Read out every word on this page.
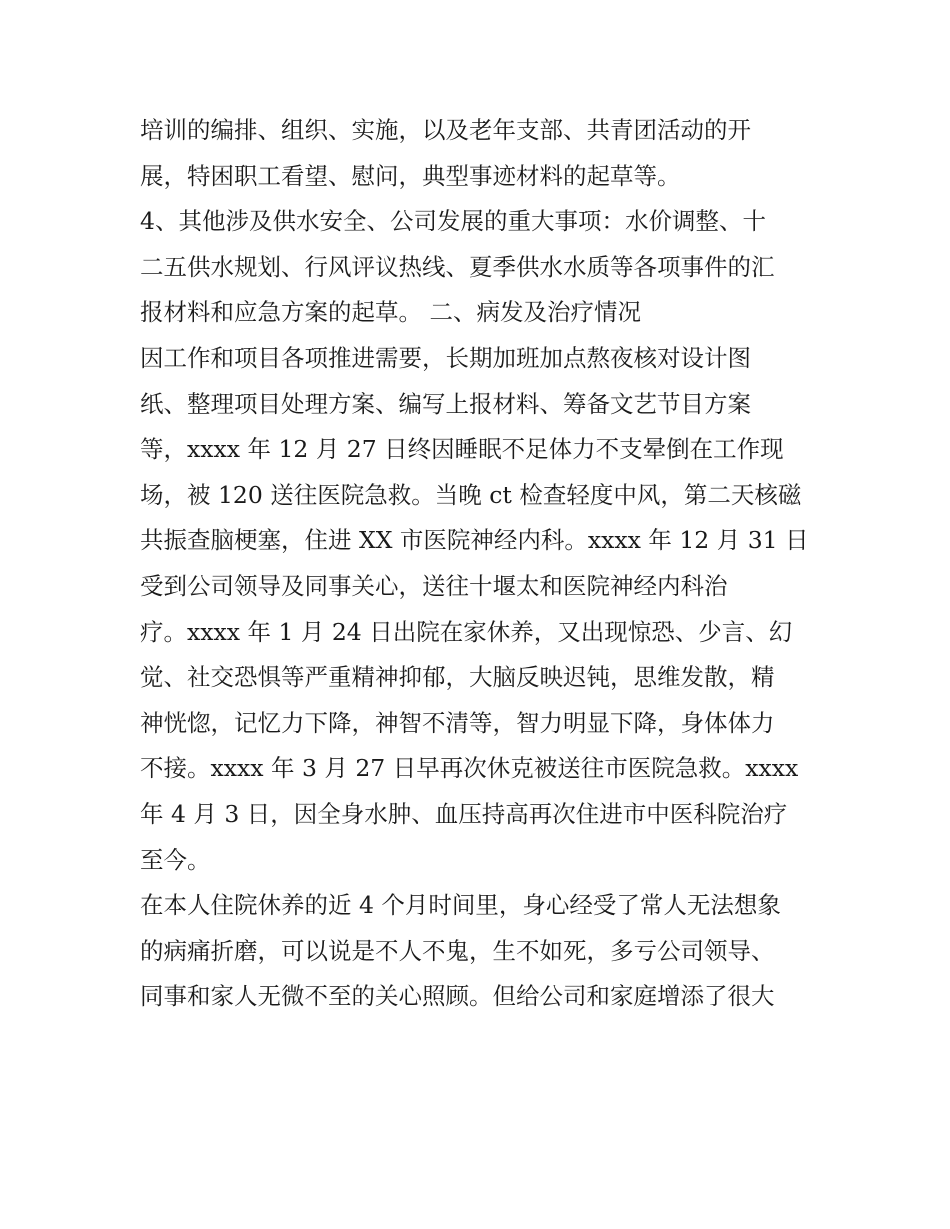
培训的编排、组织、实施，以及老年支部、共青团活动的开
展，特困职工看望、慰问，典型事迹材料的起草等。
4、其他涉及供水安全、公司发展的重大事项：水价调整、十
二五供水规划、行风评议热线、夏季供水水质等各项事件的汇
报材料和应急方案的起草。 二、病发及治疗情况
因工作和项目各项推进需要，长期加班加点熬夜核对设计图
纸、整理项目处理方案、编写上报材料、筹备文艺节目方案
等，xxxx 年 12 月 27 日终因睡眠不足体力不支晕倒在工作现
场，被 120 送往医院急救。当晚 ct 检查轻度中风，第二天核磁
共振查脑梗塞，住进 XX 市医院神经内科。xxxx 年 12 月 31 日
受到公司领导及同事关心，送往十堰太和医院神经内科治
疗。xxxx 年 1 月 24 日出院在家休养，又出现惊恐、少言、幻
觉、社交恐惧等严重精神抑郁，大脑反映迟钝，思维发散，精
神恍惚，记忆力下降，神智不清等，智力明显下降，身体体力
不接。xxxx 年 3 月 27 日早再次休克被送往市医院急救。xxxx
年 4 月 3 日，因全身水肿、血压持高再次住进市中医科院治疗
至今。
在本人住院休养的近 4 个月时间里，身心经受了常人无法想象
的病痛折磨，可以说是不人不鬼，生不如死，多亏公司领导、
同事和家人无微不至的关心照顾。但给公司和家庭增添了很大
